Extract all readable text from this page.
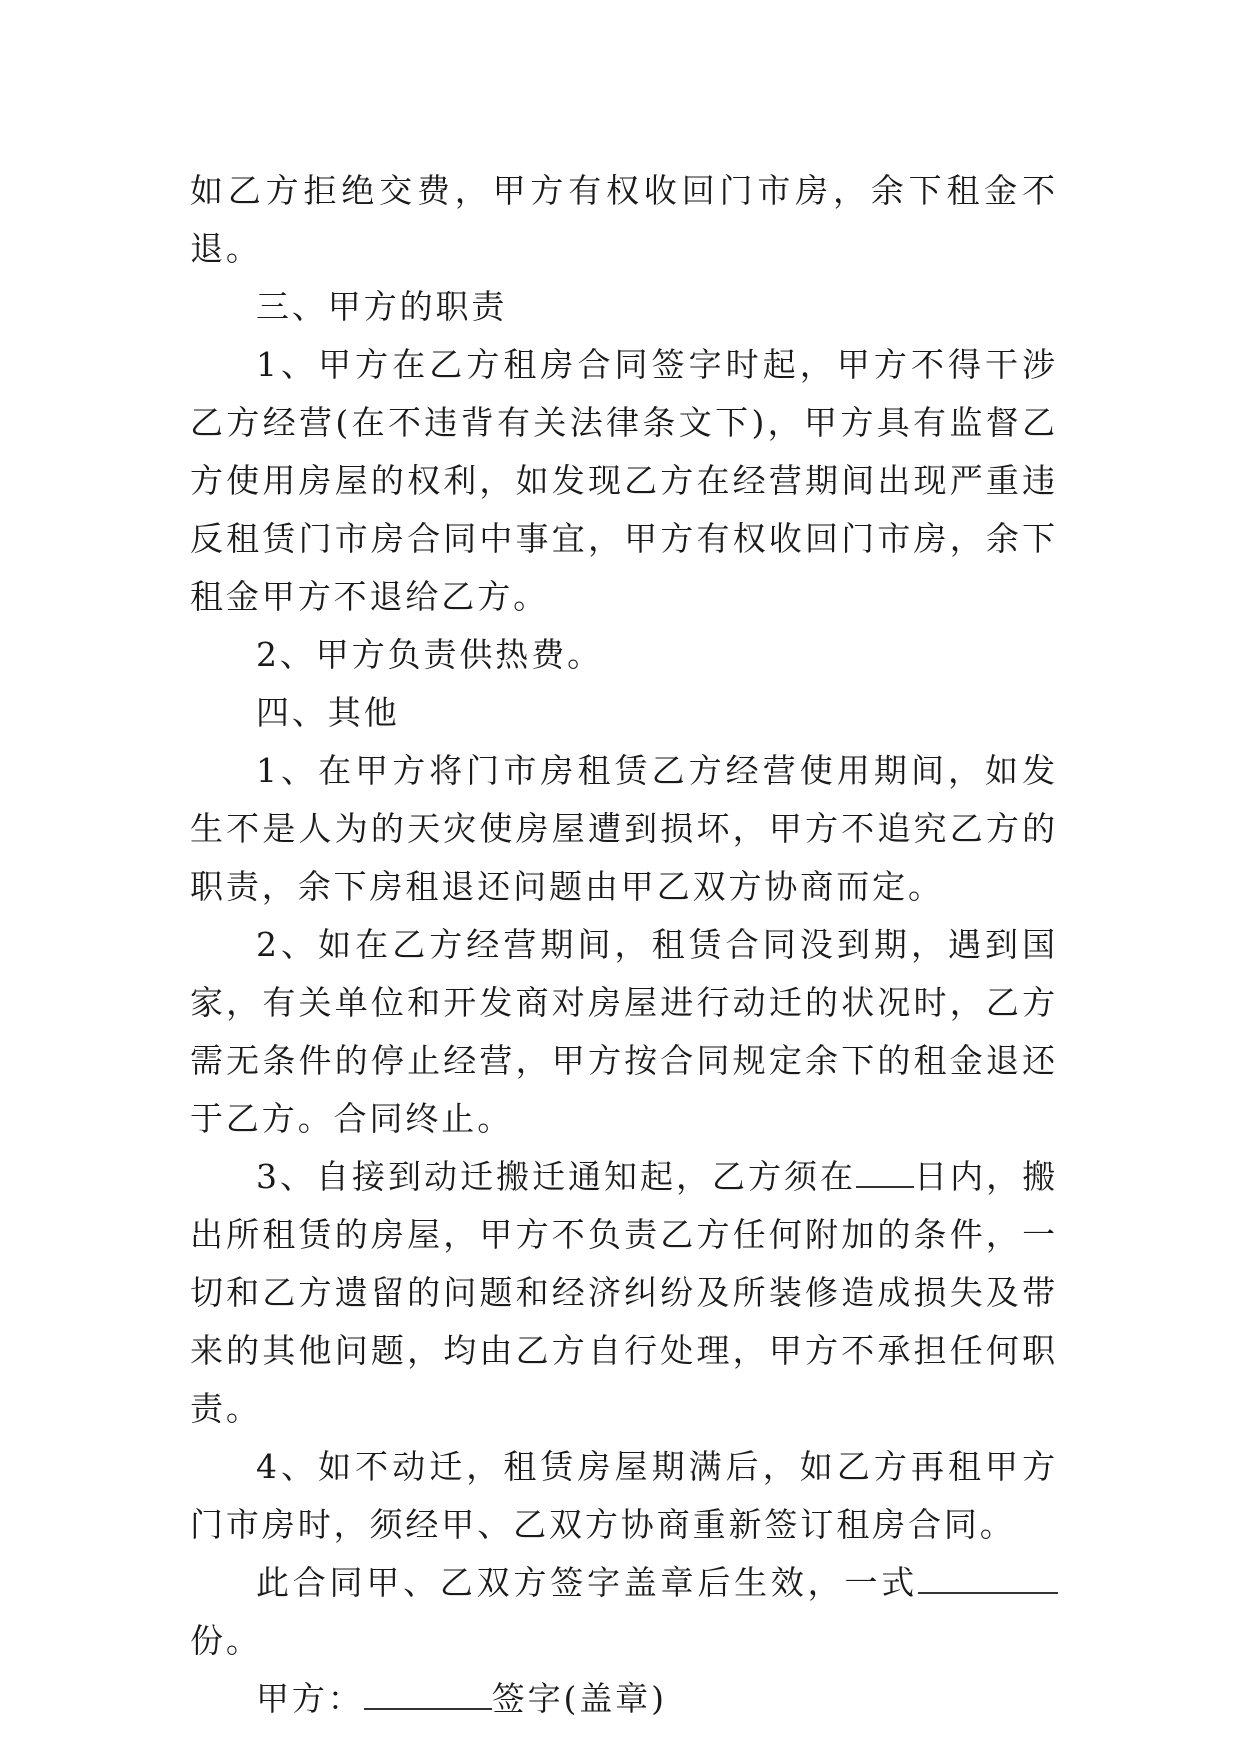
如乙方拒绝交费，甲方有权收回门市房，余下租金不退。

三、甲方的职责

1、甲方在乙方租房合同签字时起，甲方不得干涉乙方经营(在不违背有关法律条文下)，甲方具有监督乙方使用房屋的权利，如发现乙方在经营期间出现严重违反租赁门市房合同中事宜，甲方有权收回门市房，余下租金甲方不退给乙方。

2、甲方负责供热费。

四、其他

1、在甲方将门市房租赁乙方经营使用期间，如发生不是人为的天灾使房屋遭到损坏，甲方不追究乙方的职责，余下房租退还问题由甲乙双方协商而定。

2、如在乙方经营期间，租赁合同没到期，遇到国家，有关单位和开发商对房屋进行动迁的状况时，乙方需无条件的停止经营，甲方按合同规定余下的租金退还于乙方。合同终止。

3、自接到动迁搬迁通知起，乙方须在 日内，搬出所租赁的房屋，甲方不负责乙方任何附加的条件，一切和乙方遗留的问题和经济纠纷及所装修造成损失及带来的其他问题，均由乙方自行处理，甲方不承担任何职责。

4、如不动迁，租赁房屋期满后，如乙方再租甲方门市房时，须经甲、乙双方协商重新签订租房合同。

此合同甲、乙双方签字盖章后生效，一式份。

甲方：	签字(盖章)
